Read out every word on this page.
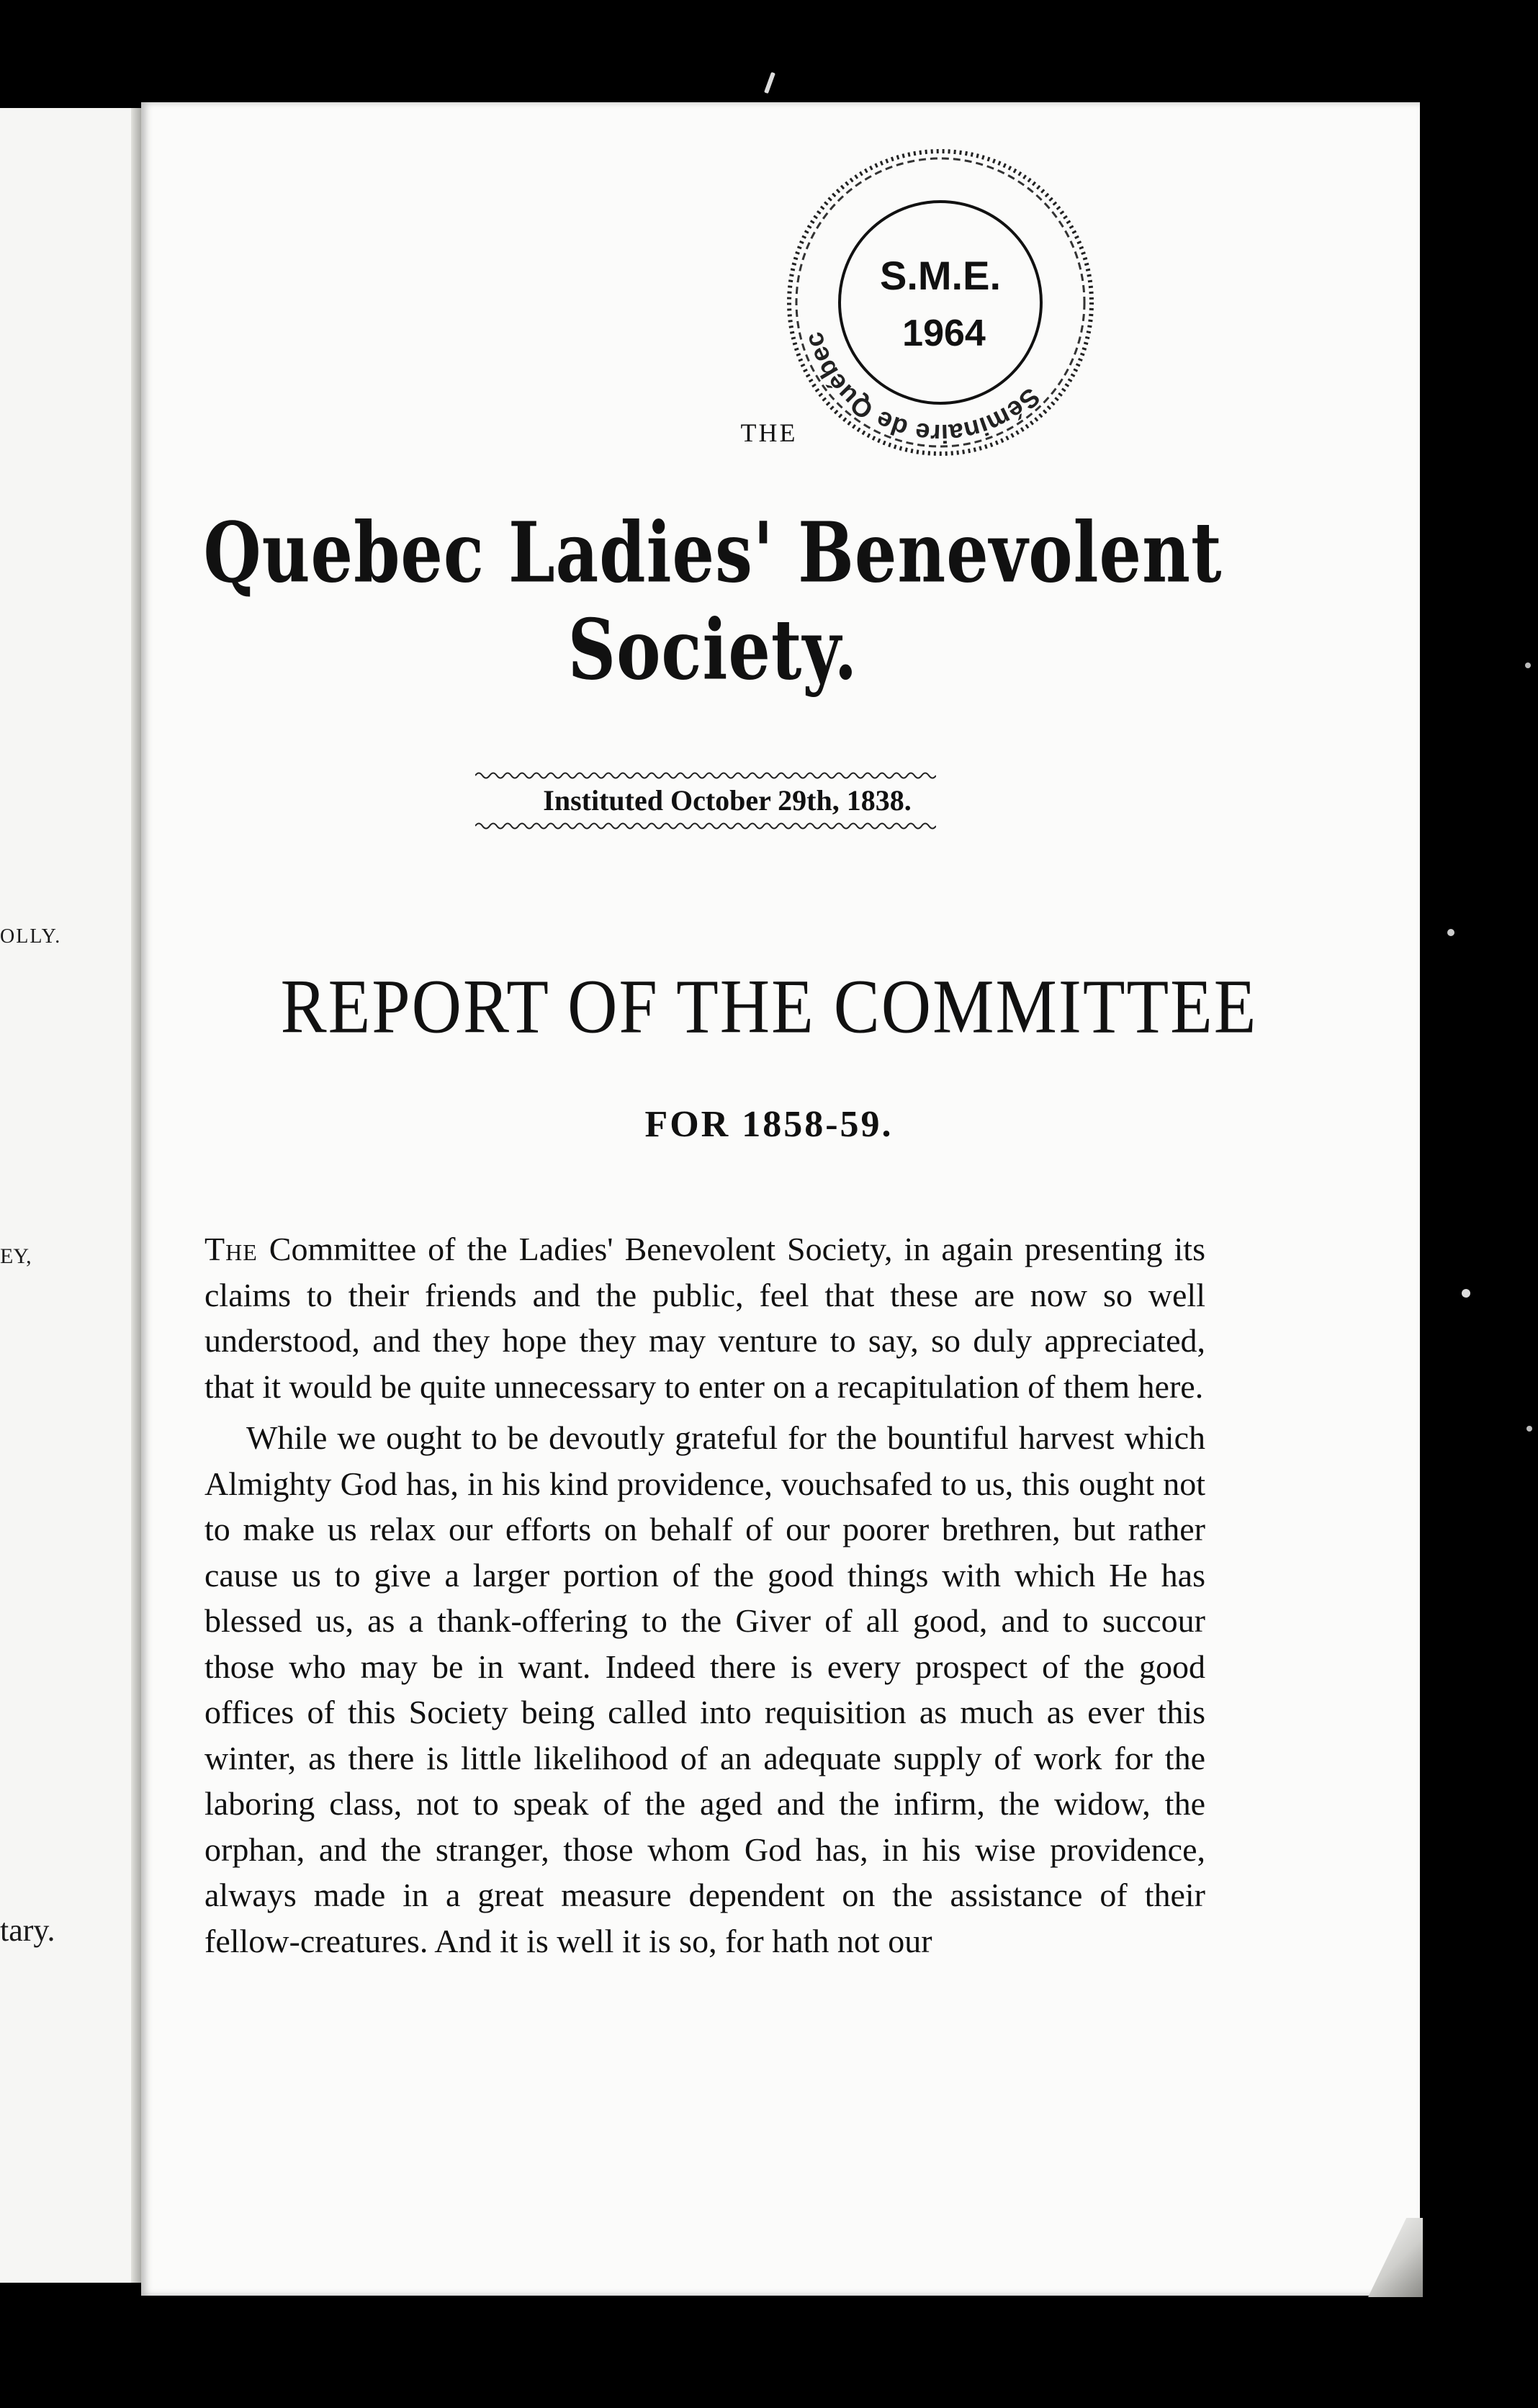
OLLY.
EY,
tary.
Séminaire de Québec
S.M.E.
1964
THE
Quebec Ladies' Benevolent Society.
Instituted October 29th, 1838.
REPORT OF THE COMMITTEE
FOR 1858-59.

The Committee of the Ladies' Benevolent Society, in again presenting its claims to their friends and the public, feel that these are now so well understood, and they hope they may venture to say, so duly appreciated, that it would be quite unnecessary to enter on a recapitulation of them here.

While we ought to be devoutly grateful for the bountiful harvest which Almighty God has, in his kind providence, vouchsafed to us, this ought not to make us relax our efforts on behalf of our poorer brethren, but rather cause us to give a larger portion of the good things with which He has blessed us, as a thank-offering to the Giver of all good, and to succour those who may be in want. Indeed there is every prospect of the good offices of this Society being called into requisition as much as ever this winter, as there is little likelihood of an adequate supply of work for the laboring class, not to speak of the aged and the infirm, the widow, the orphan, and the stranger, those whom God has, in his wise providence, always made in a great measure dependent on the assistance of their fellow-creatures. And it is well it is so, for hath not our
